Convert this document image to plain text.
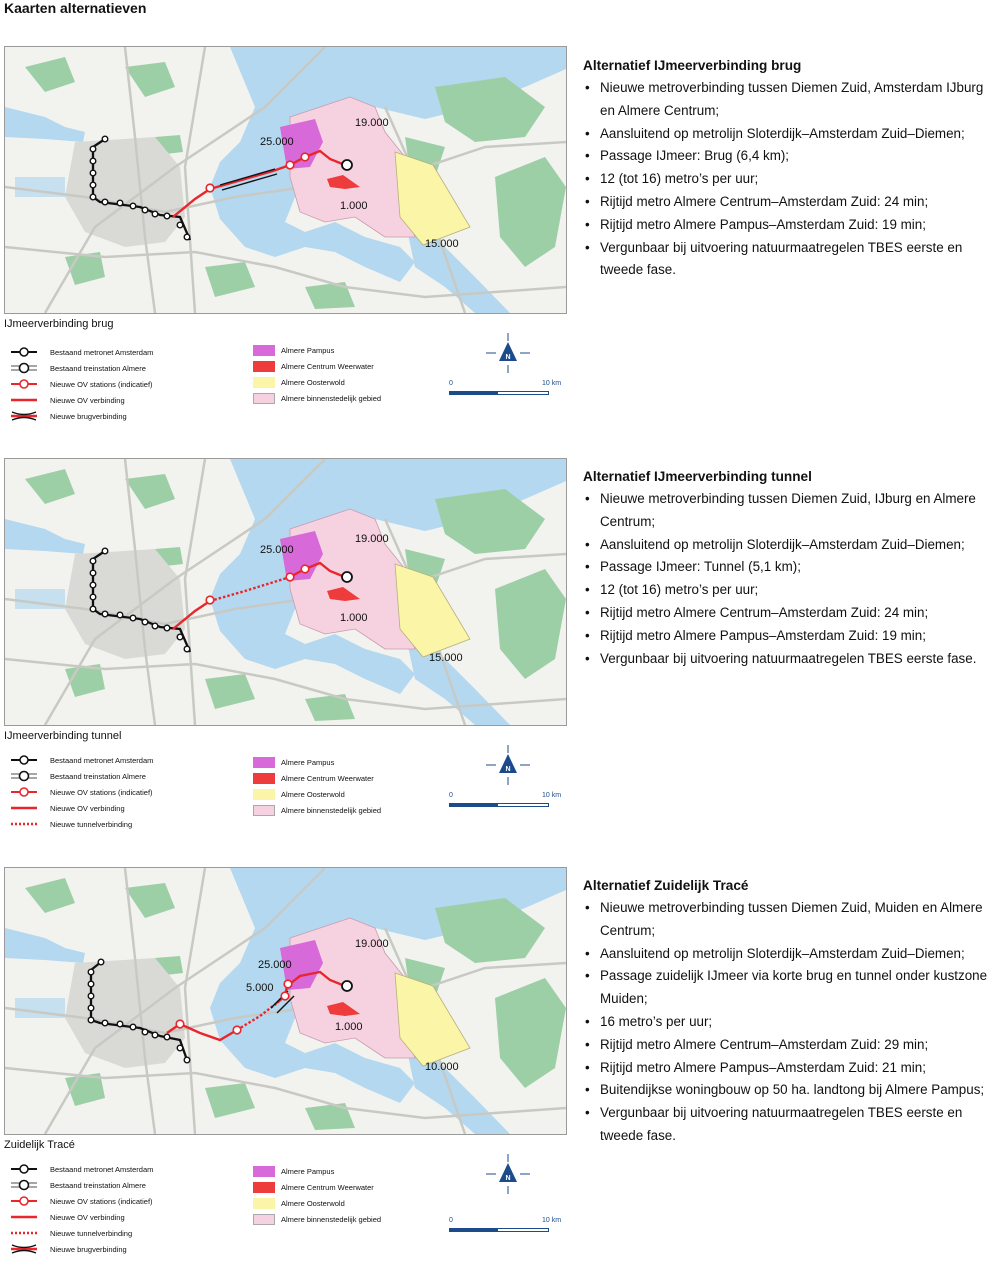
Kaarten alternatieven
25.000
19.000
1.000
15.000
IJmeerverbinding brug
Bestaand metronet Amsterdam
Bestaand treinstation Almere
Nieuwe OV stations (indicatief)
Nieuwe OV verbinding
Nieuwe brugverbinding
Almere Pampus
Almere Centrum Weerwater
Almere Oosterwold
Almere binnenstedelijk gebied
N
0	10 km
Alternatief IJmeerverbinding brug
• Nieuwe metroverbinding tussen Diemen Zuid, Amsterdam IJburg en Almere Centrum;
• Aansluitend op metrolijn Sloterdijk–Amsterdam Zuid–Diemen;
• Passage IJmeer: Brug (6,4 km);
• 12 (tot 16) metro’s per uur;
• Rijtijd metro Almere Centrum–Amsterdam Zuid: 24 min;
• Rijtijd metro Almere Pampus–Amsterdam Zuid: 19 min;
• Vergunbaar bij uitvoering natuurmaatregelen TBES eerste en tweede fase.
25.000
19.000
1.000
15.000
IJmeerverbinding tunnel
Bestaand metronet Amsterdam
Bestaand treinstation Almere
Nieuwe OV stations (indicatief)
Nieuwe OV verbinding
Nieuwe tunnelverbinding
Almere Pampus
Almere Centrum Weerwater
Almere Oosterwold
Almere binnenstedelijk gebied
N
0	10 km
Alternatief IJmeerverbinding tunnel
• Nieuwe metroverbinding tussen Diemen Zuid, IJburg en Almere Centrum;
• Aansluitend op metrolijn Sloterdijk–Amsterdam Zuid–Diemen;
• Passage IJmeer: Tunnel (5,1 km);
• 12 (tot 16) metro’s per uur;
• Rijtijd metro Almere Centrum–Amsterdam Zuid: 24 min;
• Rijtijd metro Almere Pampus–Amsterdam Zuid: 19 min;
• Vergunbaar bij uitvoering natuurmaatregelen TBES eerste fase.
25.000
5.000
19.000
1.000
10.000
Zuidelijk Tracé
Bestaand metronet Amsterdam
Bestaand treinstation Almere
Nieuwe OV stations (indicatief)
Nieuwe OV verbinding
Nieuwe tunnelverbinding
Nieuwe brugverbinding
Almere Pampus
Almere Centrum Weerwater
Almere Oosterwold
Almere binnenstedelijk gebied
N
0	10 km
Alternatief Zuidelijk Tracé
• Nieuwe metroverbinding tussen Diemen Zuid, Muiden en Almere Centrum;
• Aansluitend op metrolijn Sloterdijk–Amsterdam Zuid–Diemen;
• Passage zuidelijk IJmeer via korte brug en tunnel onder kustzone Muiden;
• 16 metro’s per uur;
• Rijtijd metro Almere Centrum–Amsterdam Zuid: 29 min;
• Rijtijd metro Almere Pampus–Amsterdam Zuid: 21 min;
• Buitendijkse woningbouw op 50 ha. landtong bij Almere Pampus;
• Vergunbaar bij uitvoering natuurmaatregelen TBES eerste en tweede fase.
